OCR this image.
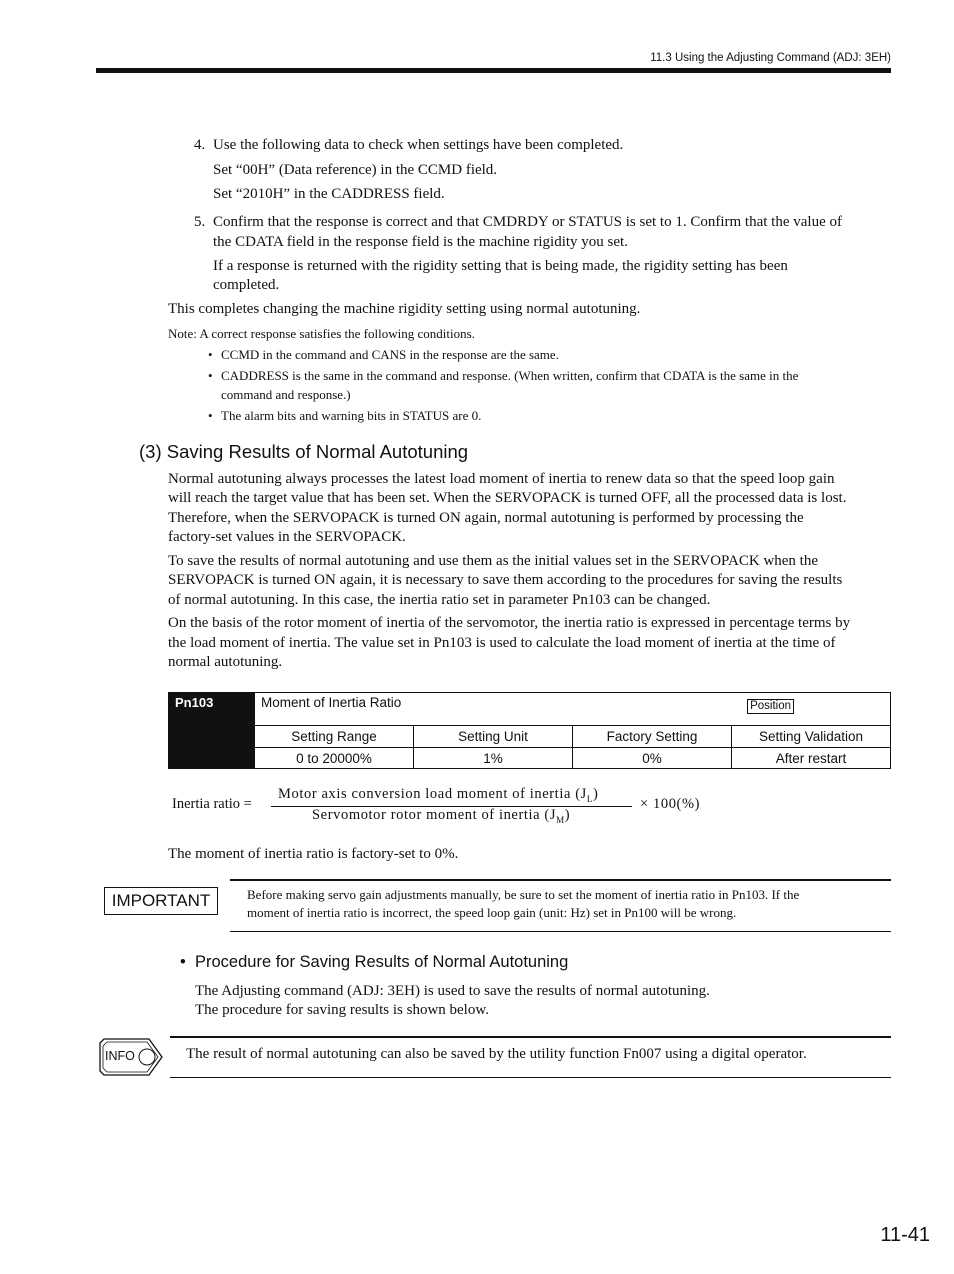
11.3 Using the Adjusting Command (ADJ: 3EH)
4. Use the following data to check when settings have been completed.
Set “00H” (Data reference) in the CCMD field.
Set “2010H” in the CADDRESS field.
5. Confirm that the response is correct and that CMDRDY or STATUS is set to 1. Confirm that the value of
the CDATA field in the response field is the machine rigidity you set.
If a response is returned with the rigidity setting that is being made, the rigidity setting has been
completed.
This completes changing the machine rigidity setting using normal autotuning.
Note: A correct response satisfies the following conditions.
• CCMD in the command and CANS in the response are the same.
• CADDRESS is the same in the command and response. (When written, confirm that CDATA is the same in the
command and response.)
• The alarm bits and warning bits in STATUS are 0.
(3) Saving Results of Normal Autotuning
Normal autotuning always processes the latest load moment of inertia to renew data so that the speed loop gain
will reach the target value that has been set. When the SERVOPACK is turned OFF, all the processed data is lost.
Therefore, when the SERVOPACK is turned ON again, normal autotuning is performed by processing the
factory-set values in the SERVOPACK.
To save the results of normal autotuning and use them as the initial values set in the SERVOPACK when the
SERVOPACK is turned ON again, it is necessary to save them according to the procedures for saving the results
of normal autotuning. In this case, the inertia ratio set in parameter Pn103 can be changed.
On the basis of the rotor moment of inertia of the servomotor, the inertia ratio is expressed in percentage terms by
the load moment of inertia. The value set in Pn103 is used to calculate the load moment of inertia at the time of
normal autotuning.
Pn103	Moment of Inertia Ratio	Position
Setting Range	Setting Unit	Factory Setting	Setting Validation
0 to 20000%	1%	0%	After restart
Inertia ratio =
Motor axis conversion load moment of inertia $(J_L)$
Servomotor rotor moment of inertia $(J_M)$
× 100(%)
The moment of inertia ratio is factory-set to 0%.
IMPORTANT	Before making servo gain adjustments manually, be sure to set the moment of inertia ratio in Pn103. If the
moment of inertia ratio is incorrect, the speed loop gain (unit: Hz) set in Pn100 will be wrong.
• Procedure for Saving Results of Normal Autotuning
The Adjusting command (ADJ: 3EH) is used to save the results of normal autotuning.
The procedure for saving results is shown below.
INFO	The result of normal autotuning can also be saved by the utility function Fn007 using a digital operator.
11-41
